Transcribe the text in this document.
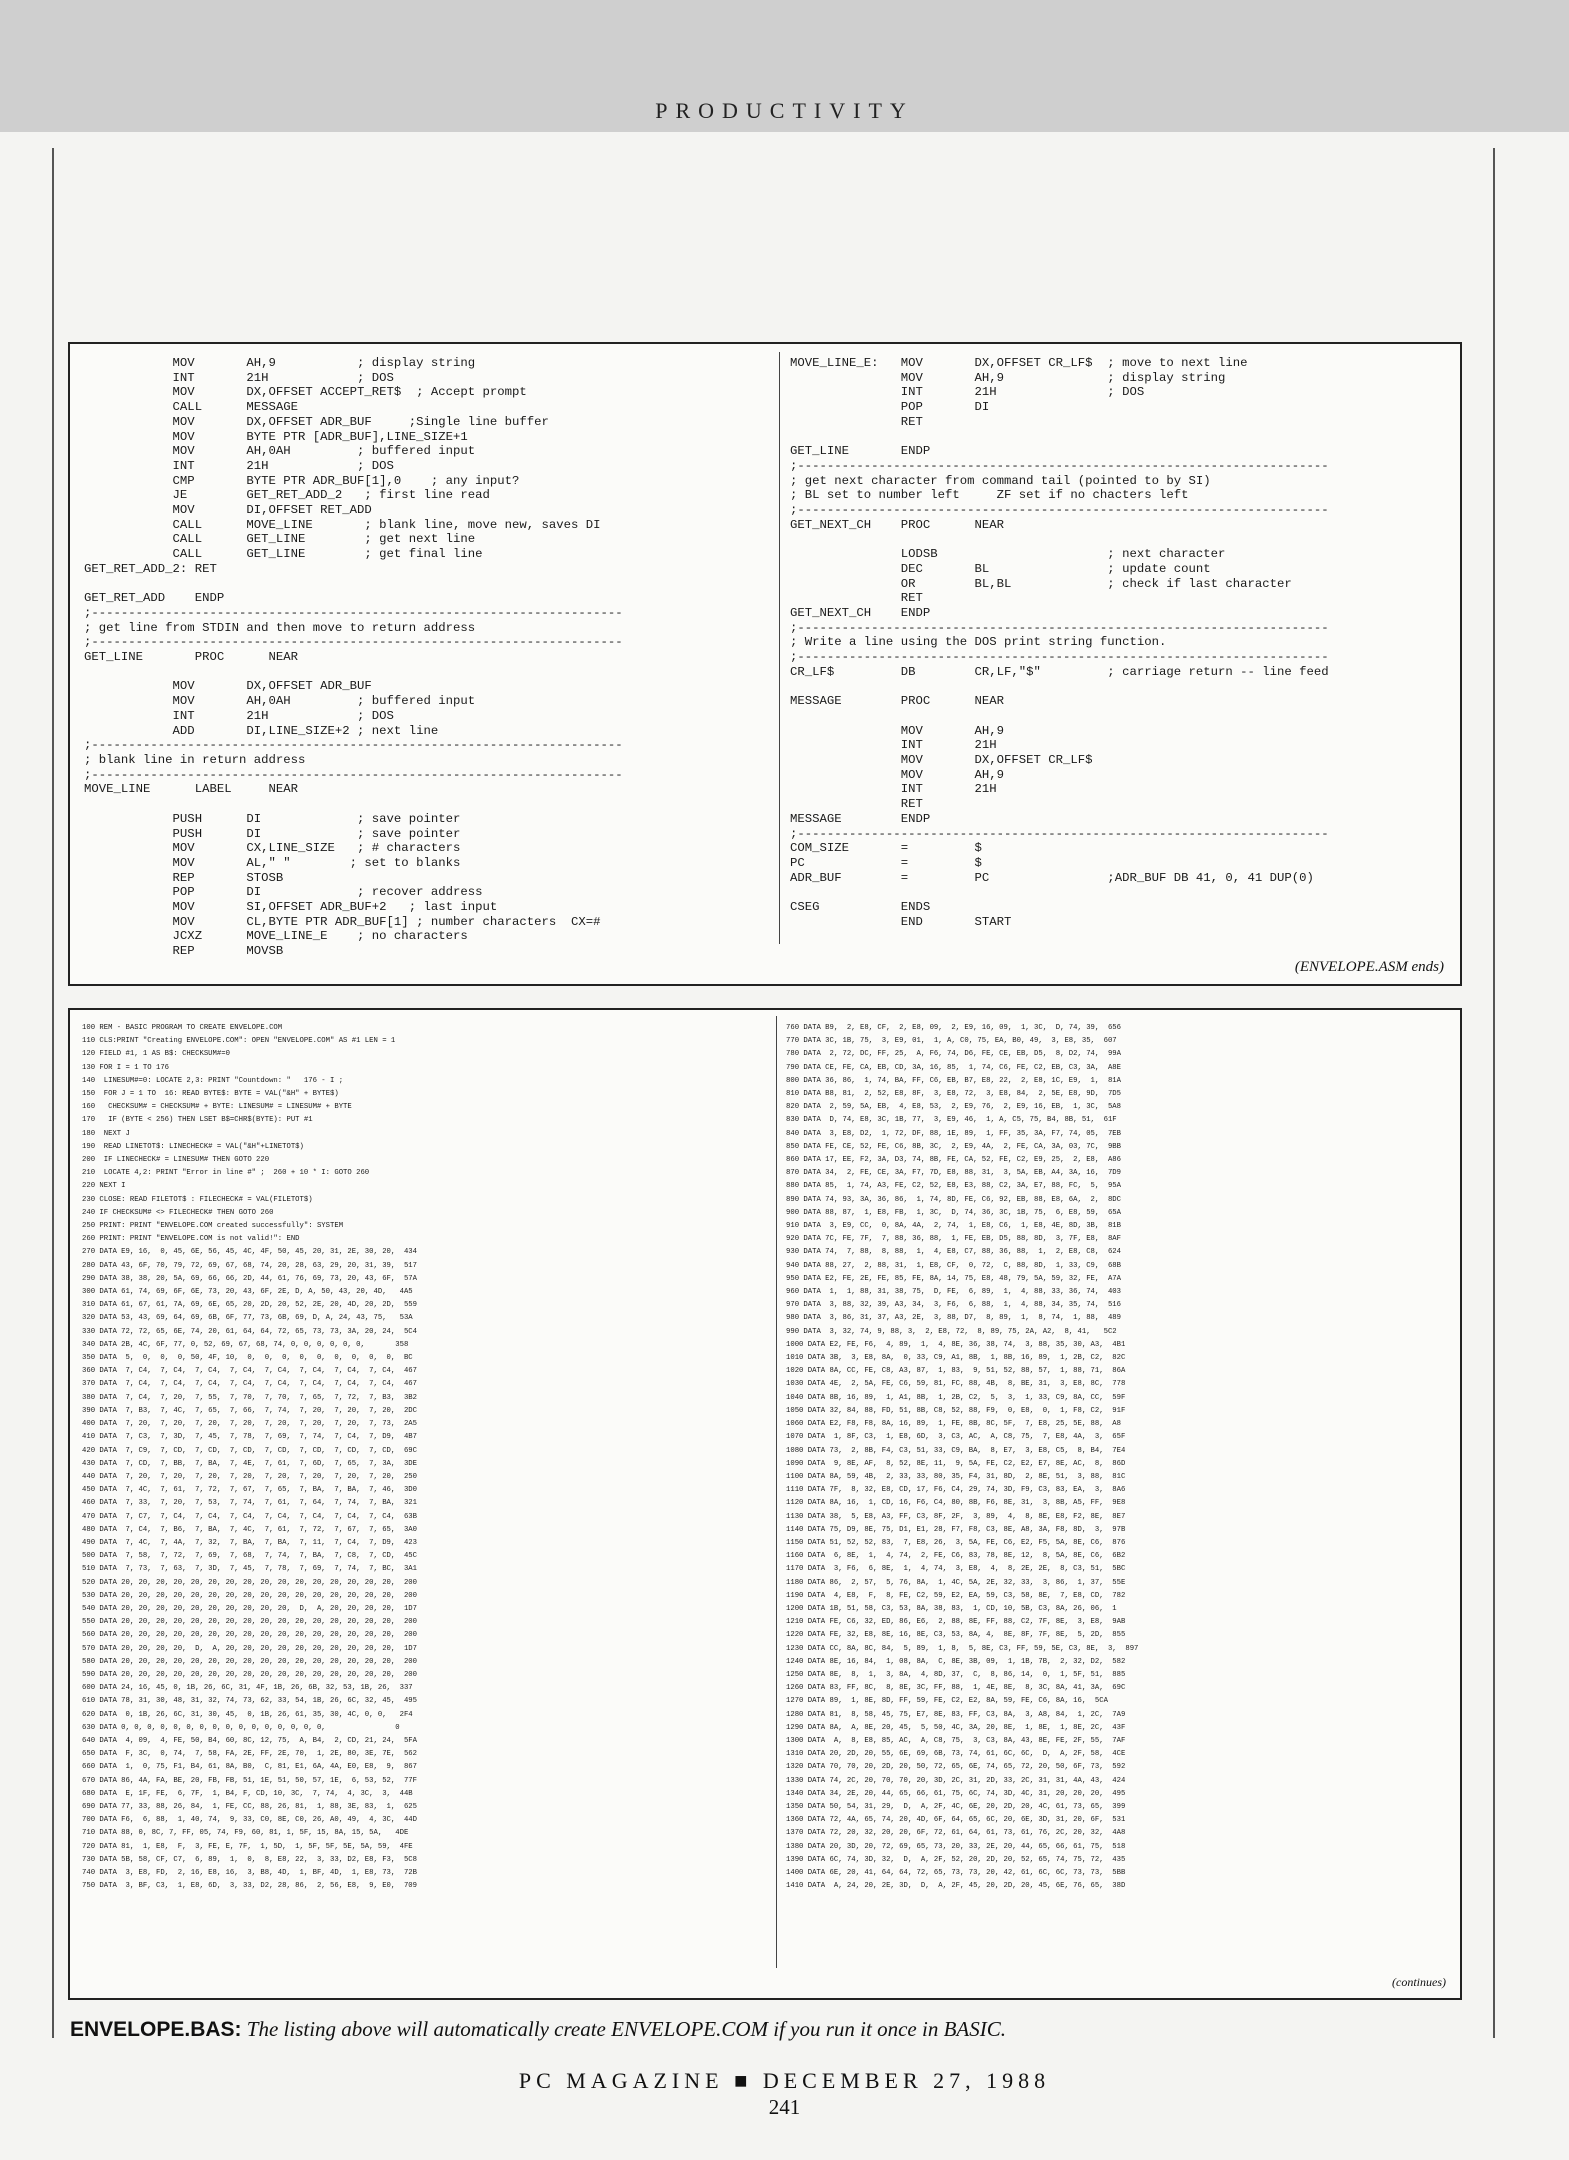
PRODUCTIVITY
MOV       AH,9           ; display string
INT       21H            ; DOS
MOV       DX,OFFSET ACCEPT_RET$  ; Accept prompt
CALL      MESSAGE
MOV       DX,OFFSET ADR_BUF     ;Single line buffer
MOV       BYTE PTR [ADR_BUF],LINE_SIZE+1
MOV       AH,0AH         ; buffered input
INT       21H            ; DOS
CMP       BYTE PTR ADR_BUF[1],0    ; any input?
JE        GET_RET_ADD_2   ; first line read
MOV       DI,OFFSET RET_ADD
CALL      MOVE_LINE       ; blank line, move new, saves DI
CALL      GET_LINE        ; get next line
CALL      GET_LINE        ; get final line
GET_RET_ADD_2: RET

GET_RET_ADD    ENDP
;------------------------------------------------------------------------
; get line from STDIN and then move to return address
;------------------------------------------------------------------------
GET_LINE       PROC      NEAR

MOV       DX,OFFSET ADR_BUF
MOV       AH,0AH         ; buffered input
INT       21H            ; DOS
ADD       DI,LINE_SIZE+2 ; next line
;------------------------------------------------------------------------
; blank line in return address
;------------------------------------------------------------------------
MOVE_LINE      LABEL     NEAR

PUSH      DI             ; save pointer
PUSH      DI             ; save pointer
MOV       CX,LINE_SIZE   ; # characters
MOV       AL," "        ; set to blanks
REP       STOSB
POP       DI             ; recover address
MOV       SI,OFFSET ADR_BUF+2   ; last input
MOV       CL,BYTE PTR ADR_BUF[1] ; number characters  CX=#
JCXZ      MOVE_LINE_E    ; no characters
REP       MOVSB
MOVE_LINE_E:   MOV       DX,OFFSET CR_LF$  ; move to next line
MOV       AH,9              ; display string
INT       21H               ; DOS
POP       DI
RET

GET_LINE       ENDP
;------------------------------------------------------------------------
; get next character from command tail (pointed to by SI)
; BL set to number left     ZF set if no chacters left
;------------------------------------------------------------------------
GET_NEXT_CH    PROC      NEAR

LODSB                       ; next character
DEC       BL                ; update count
OR        BL,BL             ; check if last character
RET
GET_NEXT_CH    ENDP
;------------------------------------------------------------------------
; Write a line using the DOS print string function.
;------------------------------------------------------------------------
CR_LF$         DB        CR,LF,"$"         ; carriage return -- line feed

MESSAGE        PROC      NEAR

MOV       AH,9
INT       21H
MOV       DX,OFFSET CR_LF$
MOV       AH,9
INT       21H
RET
MESSAGE        ENDP
;------------------------------------------------------------------------
COM_SIZE       =         $
PC             =         $
ADR_BUF        =         PC                ;ADR_BUF DB 41, 0, 41 DUP(0)

CSEG           ENDS
END       START
(ENVELOPE.ASM ends)
100 REM - BASIC PROGRAM TO CREATE ENVELOPE.COM
110 CLS:PRINT "Creating ENVELOPE.COM": OPEN "ENVELOPE.COM" AS #1 LEN = 1
120 FIELD #1, 1 AS B$: CHECKSUM#=0
130 FOR I = 1 TO 176
140  LINESUM#=0: LOCATE 2,3: PRINT "Countdown: "   176 - I ;
150  FOR J = 1 TO  16: READ BYTE$: BYTE = VAL("&H" + BYTE$)
160   CHECKSUM# = CHECKSUM# + BYTE: LINESUM# = LINESUM# + BYTE
170   IF (BYTE < 256) THEN LSET B$=CHR$(BYTE): PUT #1
180  NEXT J
190  READ LINETOT$: LINECHECK# = VAL("&H"+LINETOT$)
200  IF LINECHECK# = LINESUM# THEN GOTO 220
210  LOCATE 4,2: PRINT "Error in line #" ;  260 + 10 * I: GOTO 260
220 NEXT I
230 CLOSE: READ FILETOT$ : FILECHECK# = VAL(FILETOT$)
240 IF CHECKSUM# <> FILECHECK# THEN GOTO 260
250 PRINT: PRINT "ENVELOPE.COM created successfully": SYSTEM
260 PRINT: PRINT "ENVELOPE.COM is not valid!": END
270 DATA E9, 16,  0, 45, 6E, 56, 45, 4C, 4F, 50, 45, 20, 31, 2E, 30, 20,  434
280 DATA 43, 6F, 70, 79, 72, 69, 67, 68, 74, 20, 28, 63, 29, 20, 31, 39,  517
290 DATA 38, 38, 20, 5A, 69, 66, 66, 2D, 44, 61, 76, 69, 73, 20, 43, 6F,  57A
300 DATA 61, 74, 69, 6F, 6E, 73, 20, 43, 6F, 2E, D, A, 50, 43, 20, 4D,   4A5
310 DATA 61, 67, 61, 7A, 69, 6E, 65, 20, 2D, 20, 52, 2E, 20, 4D, 20, 2D,  559
320 DATA 53, 43, 69, 64, 69, 6B, 6F, 77, 73, 6B, 69, D, A, 24, 43, 75,   53A
330 DATA 72, 72, 65, 6E, 74, 20, 61, 64, 64, 72, 65, 73, 73, 3A, 20, 24,  5C4
340 DATA 2B, 4C, 6F, 77, 0, 52, 69, 67, 68, 74, 0, 0, 0, 0, 0, 0,       358
350 DATA  5,  0,  0,  0, 50, 4F, 10,  0,  0,  0,  0,  0,  0,  0,  0,  0,  BC
360 DATA  7, C4,  7, C4,  7, C4,  7, C4,  7, C4,  7, C4,  7, C4,  7, C4,  467
370 DATA  7, C4,  7, C4,  7, C4,  7, C4,  7, C4,  7, C4,  7, C4,  7, C4,  467
380 DATA  7, C4,  7, 20,  7, 55,  7, 70,  7, 70,  7, 65,  7, 72,  7, B3,  3B2
390 DATA  7, B3,  7, 4C,  7, 65,  7, 66,  7, 74,  7, 20,  7, 20,  7, 20,  2DC
400 DATA  7, 20,  7, 20,  7, 20,  7, 20,  7, 20,  7, 20,  7, 20,  7, 73,  2A5
410 DATA  7, C3,  7, 3D,  7, 45,  7, 78,  7, 69,  7, 74,  7, C4,  7, D9,  4B7
420 DATA  7, C9,  7, CD,  7, CD,  7, CD,  7, CD,  7, CD,  7, CD,  7, CD,  69C
430 DATA  7, CD,  7, BB,  7, BA,  7, 4E,  7, 61,  7, 6D,  7, 65,  7, 3A,  3DE
440 DATA  7, 20,  7, 20,  7, 20,  7, 20,  7, 20,  7, 20,  7, 20,  7, 20,  250
450 DATA  7, 4C,  7, 61,  7, 72,  7, 67,  7, 65,  7, BA,  7, BA,  7, 46,  3D0
460 DATA  7, 33,  7, 20,  7, 53,  7, 74,  7, 61,  7, 64,  7, 74,  7, BA,  321
470 DATA  7, C7,  7, C4,  7, C4,  7, C4,  7, C4,  7, C4,  7, C4,  7, C4,  63B
480 DATA  7, C4,  7, B6,  7, BA,  7, 4C,  7, 61,  7, 72,  7, 67,  7, 65,  3A0
490 DATA  7, 4C,  7, 4A,  7, 32,  7, BA,  7, BA,  7, 11,  7, C4,  7, D9,  423
500 DATA  7, 58,  7, 72,  7, 69,  7, 68,  7, 74,  7, BA,  7, C8,  7, CD,  45C
510 DATA  7, 73,  7, 63,  7, 3D,  7, 45,  7, 78,  7, 69,  7, 74,  7, BC,  3A1
520 DATA 20, 20, 20, 20, 20, 20, 20, 20, 20, 20, 20, 20, 20, 20, 20, 20,  200
530 DATA 20, 20, 20, 20, 20, 20, 20, 20, 20, 20, 20, 20, 20, 20, 20, 20,  200
540 DATA 20, 20, 20, 20, 20, 20, 20, 20, 20, 20,  D,  A, 20, 20, 20, 20,  1D7
550 DATA 20, 20, 20, 20, 20, 20, 20, 20, 20, 20, 20, 20, 20, 20, 20, 20,  200
560 DATA 20, 20, 20, 20, 20, 20, 20, 20, 20, 20, 20, 20, 20, 20, 20, 20,  200
570 DATA 20, 20, 20, 20,  D,  A, 20, 20, 20, 20, 20, 20, 20, 20, 20, 20,  1D7
580 DATA 20, 20, 20, 20, 20, 20, 20, 20, 20, 20, 20, 20, 20, 20, 20, 20,  200
590 DATA 20, 20, 20, 20, 20, 20, 20, 20, 20, 20, 20, 20, 20, 20, 20, 20,  200
600 DATA 24, 16, 45, 0, 1B, 26, 6C, 31, 4F, 1B, 26, 6B, 32, 53, 1B, 26,  337
610 DATA 78, 31, 30, 48, 31, 32, 74, 73, 62, 33, 54, 1B, 26, 6C, 32, 45,  495
620 DATA  0, 1B, 26, 6C, 31, 30, 45,  0, 1B, 26, 61, 35, 30, 4C, 0, 0,   2F4
630 DATA 0, 0, 0, 0, 0, 0, 0, 0, 0, 0, 0, 0, 0, 0, 0, 0,                0
640 DATA  4, 09,  4, FE, 50, B4, 60, 8C, 12, 75,  A, B4,  2, CD, 21, 24,  5FA
650 DATA  F, 3C,  0, 74,  7, 58, FA, 2E, FF, 2E, 70,  1, 2E, 80, 3E, 7E,  562
660 DATA  1,  0, 75, F1, B4, 61, 8A, B0,  C, 81, E1, 6A, 4A, E0, E8,  9,  867
670 DATA 86, 4A, FA, BE, 20, FB, FB, 51, 1E, 51, 50, 57, 1E,  6, 53, 52,  77F
680 DATA  E, 1F, FE,  6, 7F,  1, B4, F, CD, 10, 3C,  7, 74,  4, 3C,  3,  44B
690 DATA 77, 33, 88, 26, 84,  1, FE, CC, 88, 26, 81,  1, 88, 3E, 83,  1,  625
700 DATA F6,  6, 88,  1, 40, 74,  9, 33, C0, 8E, C0, 26, A0, 49,  4, 3C,  44D
710 DATA 88, 0, 8C, 7, FF, 05, 74, F9, 60, 81, 1, 5F, 15, 8A, 15, 5A,   4DE
720 DATA 81,  1, E8,  F,  3, FE, E, 7F,  1, 5D,  1, 5F, 5F, 5E, 5A, 59,  4FE
730 DATA 5B, 58, CF, C7,  6, 89,  1,  0,  8, E8, 22,  3, 33, D2, E8, F3,  5C8
740 DATA  3, E8, FD,  2, 16, E8, 16,  3, B8, 4D,  1, BF, 4D,  1, E8, 73,  72B
750 DATA  3, BF, C3,  1, E8, 6D,  3, 33, D2, 28, 86,  2, 56, E8,  9, E0,  709
760 DATA B9,  2, E8, CF,  2, E8, 09,  2, E9, 16, 09,  1, 3C,  D, 74, 39,  656
770 DATA 3C, 1B, 75,  3, E9, 01,  1, A, C0, 75, EA, B0, 49,  3, E8, 35,  607
780 DATA  2, 72, DC, FF, 25,  A, F6, 74, D6, FE, CE, EB, D5,  8, D2, 74,  99A
790 DATA CE, FE, CA, EB, CD, 3A, 16, 85,  1, 74, C6, FE, C2, EB, C3, 3A,  A8E
800 DATA 36, 86,  1, 74, BA, FF, C6, EB, B7, E8, 22,  2, E8, 1C, E9,  1,  81A
810 DATA B8, 81,  2, 52, E8, 8F,  3, E8, 72,  3, E8, 84,  2, 5E, E8, 9D,  7D5
820 DATA  2, 59, 5A, EB,  4, E8, 53,  2, E9, 76,  2, E9, 16, EB,  1, 3C,  5A8
830 DATA  D, 74, E8, 3C, 1B, 77,  3, E9, 46,  1, A, C5, 75, B4, 8B, 51,  61F
840 DATA  3, E8, D2,  1, 72, DF, 88, 1E, 89,  1, FF, 35, 3A, F7, 74, 05,  7EB
850 DATA FE, CE, 52, FE, C6, 8B, 3C,  2, E9, 4A,  2, FE, CA, 3A, 03, 7C,  9BB
860 DATA 17, EE, F2, 3A, D3, 74, 8B, FE, CA, 52, FE, C2, E9, 25,  2, E8,  A86
870 DATA 34,  2, FE, CE, 3A, F7, 7D, E8, 88, 31,  3, 5A, EB, A4, 3A, 16,  7D9
880 DATA 85,  1, 74, A3, FE, C2, 52, E8, E3, 88, C2, 3A, E7, 88, FC,  5,  95A
890 DATA 74, 93, 3A, 36, 86,  1, 74, 8D, FE, C6, 92, EB, 88, E8, 6A,  2,  8DC
900 DATA 88, 87,  1, E8, FB,  1, 3C,  D, 74, 36, 3C, 1B, 75,  6, E8, 59,  65A
910 DATA  3, E9, CC,  0, 8A, 4A,  2, 74,  1, E8, C6,  1, E8, 4E, 8D, 3B,  81B
920 DATA 7C, FE, 7F,  7, 88, 36, 88,  1, FE, EB, D5, 88, 8D,  3, 7F, E8,  8AF
930 DATA 74,  7, 88,  8, 88,  1,  4, E8, C7, 88, 36, 88,  1,  2, E8, C8,  624
940 DATA 88, 27,  2, 88, 31,  1, E8, CF,  0, 72,  C, 88, 8D,  1, 33, C9,  68B
950 DATA E2, FE, 2E, FE, 85, FE, 8A, 14, 75, E8, 48, 79, 5A, 59, 32, FE,  A7A
960 DATA  1,  1, 88, 31, 38, 75,  D, FE,  6, 89,  1,  4, 88, 33, 36, 74,  403
970 DATA  3, 88, 32, 39, A3, 34,  3, F6,  6, 88,  1,  4, 88, 34, 35, 74,  516
980 DATA  3, 86, 31, 37, A3, 2E,  3, 88, D7,  8, 89,  1,  8, 74,  1, 88,  489
990 DATA  3, 32, 74, 9, 88, 3,  2, E8, 72,  8, 89, 75, 2A, A2,  8, 41,   5C2
1000 DATA E2, FE, F6,  4, 89,  1,  4, 8E, 36, 38, 74,  3, 88, 35, 30, A3,  4B1
1010 DATA 3B,  3, E8, 8A,  0, 33, C9, A1, 8B,  1, 8B, 16, 89,  1, 2B, C2,  82C
1020 DATA 8A, CC, FE, C8, A3, 87,  1, 83,  9, 51, 52, 88, 57,  1, 88, 71,  86A
1030 DATA 4E,  2, 5A, FE, C6, 59, 81, FC, 88, 4B,  8, BE, 31,  3, E8, 8C,  778
1040 DATA 8B, 16, 89,  1, A1, 8B,  1, 2B, C2,  5,  3,  1, 33, C9, 8A, CC,  59F
1050 DATA 32, 84, 88, FD, 51, 8B, C8, 52, 88, F9,  0, E8,  0,  1, F8, C2,  91F
1060 DATA E2, F8, F8, 8A, 16, 89,  1, FE, 8B, 8C, 5F,  7, E8, 25, 5E, 88,  A8
1070 DATA  1, 8F, C3,  1, E8, 6D,  3, C3, AC,  A, C8, 75,  7, E8, 4A,  3,  65F
1080 DATA 73,  2, 8B, F4, C3, 51, 33, C9, BA,  8, E7,  3, E8, C5,  8, B4,  7E4
1090 DATA  9, 8E, AF,  8, 52, 8E, 11,  9, 5A, FE, C2, E2, E7, 8E, AC,  8,  86D
1100 DATA 8A, 59, 4B,  2, 33, 33, 80, 35, F4, 31, 8D,  2, 8E, 51,  3, 88,  81C
1110 DATA 7F,  8, 32, E8, CD, 17, F6, C4, 29, 74, 3D, F9, C3, 83, EA,  3,  8A6
1120 DATA 8A, 16,  1, CD, 16, F6, C4, 80, 8B, F6, 8E, 31,  3, 8B, A5, FF,  9E8
1130 DATA 38,  5, E8, A3, FF, C3, 8F, 2F,  3, 89,  4,  8, 8E, E8, F2, 8E,  8E7
1140 DATA 75, D9, 8E, 75, D1, E1, 28, F7, F8, C3, 8E, A8, 3A, F8, 8D,  3,  97B
1150 DATA 51, 52, 52, 83,  7, E8, 26,  3, 5A, FE, C6, E2, F5, 5A, 8E, C6,  876
1160 DATA  6, 8E,  1,  4, 74,  2, FE, C6, 83, 78, 8E, 12,  8, 5A, 8E, C6,  6B2
1170 DATA  3, F6,  6, 8E,  1,  4, 74,  3, E8,  4,  8, 2E, 2E,  8, C3, 51,  5BC
1180 DATA 86,  2, 57,  5, 76, 8A,  1, 4C, 5A, 2E, 32, 33,  3, 86,  1, 37,  55E
1190 DATA  4, E8,  F,  8, FE, C2, 59, E2, EA, 59, C3, 58, 8E,  7, E8, CD,  782
1200 DATA 1B, 51, 58, C3, 53, 8A, 38, 83,  1, CD, 10, 5B, C3, 8A, 26, 06,  1
1210 DATA FE, C6, 32, ED, 86, E6,  2, 88, 8E, FF, 88, C2, 7F, 8E,  3, E8,  9AB
1220 DATA FE, 32, E8, 8E, 16, 8E, C3, 53, 8A, 4,  8E, 8F, 7F, 8E,  5, 2D,  855
1230 DATA CC, 8A, 8C, 84,  5, 89,  1, 8,  5, 8E, C3, FF, 59, 5E, C3, 8E,  3,  897
1240 DATA 8E, 16, 84,  1, 08, 8A,  C, 8E, 3B, 09,  1, 1B, 7B,  2, 32, D2,  582
1250 DATA 8E,  8,  1,  3, 8A,  4, 8D, 37,  C,  8, 86, 14,  0,  1, 5F, 51,  885
1260 DATA 83, FF, 8C,  8, 8E, 3C, FF, 88,  1, 4E, 8E,  8, 3C, 8A, 41, 3A,  69C
1270 DATA 89,  1, 8E, 8D, FF, 59, FE, C2, E2, 8A, 59, FE, C6, 8A, 16,  5CA
1280 DATA 81,  8, 58, 45, 75, E7, 8E, 83, FF, C3, 8A,  3, A8, 84,  1, 2C,  7A9
1290 DATA 8A,  A, 8E, 20, 45,  5, 50, 4C, 3A, 20, 8E,  1, 8E,  1, 8E, 2C,  43F
1300 DATA  A,  8, E8, 85, AC,  A, C8, 75,  3, C3, 8A, 43, 8E, FE, 2F, 55,  7AF
1310 DATA 20, 2D, 20, 55, 6E, 69, 6B, 73, 74, 61, 6C, 6C,  D,  A, 2F, 58,  4CE
1320 DATA 70, 70, 20, 2D, 20, 50, 72, 65, 6E, 74, 65, 72, 20, 50, 6F, 73,  592
1330 DATA 74, 2C, 20, 70, 70, 20, 3D, 2C, 31, 2D, 33, 2C, 31, 31, 4A, 43,  424
1340 DATA 34, 2E, 20, 44, 65, 66, 61, 75, 6C, 74, 3D, 4C, 31, 20, 20, 20,  495
1350 DATA 50, 54, 31, 29,  D,  A, 2F, 4C, 6E, 20, 2D, 20, 4C, 61, 73, 65,  399
1360 DATA 72, 4A, 65, 74, 20, 4D, 6F, 64, 65, 6C, 20, 6E, 3D, 31, 20, 6F,  531
1370 DATA 72, 20, 32, 20, 20, 6F, 72, 61, 64, 61, 73, 61, 76, 2C, 20, 32,  4A8
1380 DATA 20, 3D, 20, 72, 69, 65, 73, 20, 33, 2E, 20, 44, 65, 66, 61, 75,  518
1390 DATA 6C, 74, 3D, 32,  D,  A, 2F, 52, 20, 2D, 20, 52, 65, 74, 75, 72,  435
1400 DATA 6E, 20, 41, 64, 64, 72, 65, 73, 73, 20, 42, 61, 6C, 6C, 73, 73,  5BB
1410 DATA  A, 24, 20, 2E, 3D,  D,  A, 2F, 45, 20, 2D, 20, 45, 6E, 76, 65,  38D
(continues)
ENVELOPE.BAS: The listing above will automatically create ENVELOPE.COM if you run it once in BASIC.
PC MAGAZINE ■ DECEMBER 27, 1988
241
